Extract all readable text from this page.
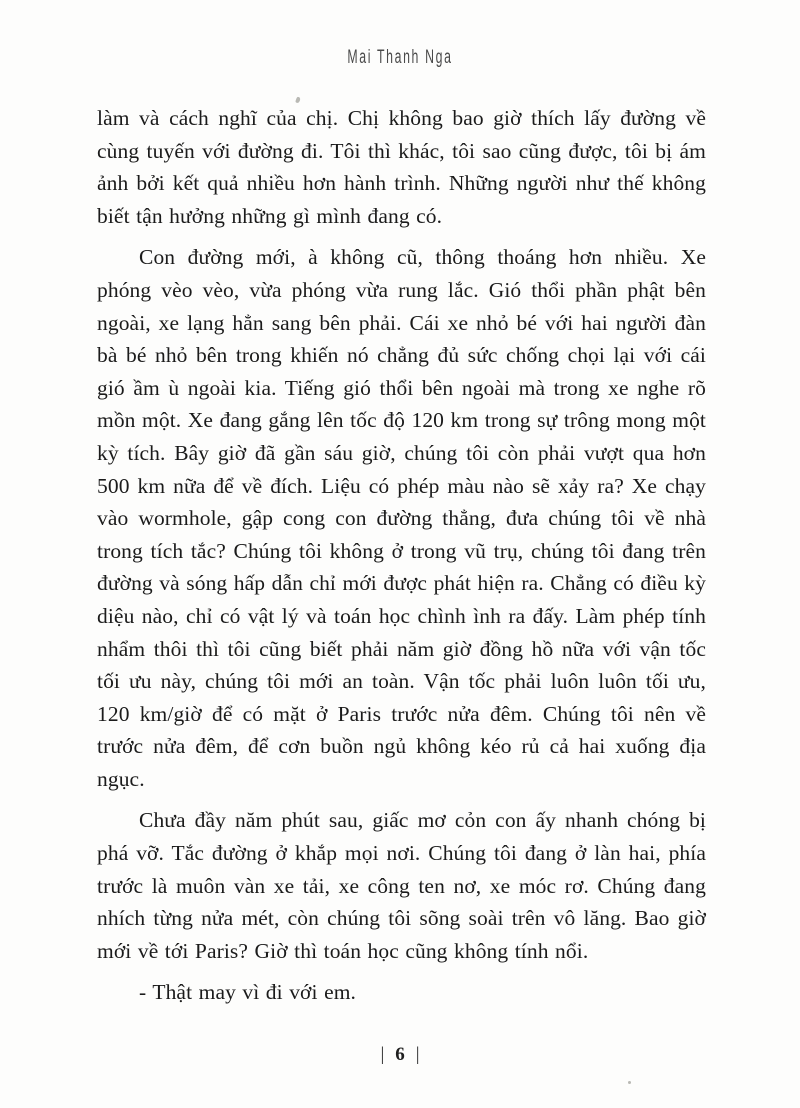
Mai Thanh Nga

làm và cách nghĩ của chị. Chị không bao giờ thích lấy đường về cùng tuyến với đường đi. Tôi thì khác, tôi sao cũng được, tôi bị ám ảnh bởi kết quả nhiều hơn hành trình. Những người như thế không biết tận hưởng những gì mình đang có.

Con đường mới, à không cũ, thông thoáng hơn nhiều. Xe phóng vèo vèo, vừa phóng vừa rung lắc. Gió thổi phần phật bên ngoài, xe lạng hẳn sang bên phải. Cái xe nhỏ bé với hai người đàn bà bé nhỏ bên trong khiến nó chẳng đủ sức chống chọi lại với cái gió ầm ù ngoài kia. Tiếng gió thổi bên ngoài mà trong xe nghe rõ mồn một. Xe đang gắng lên tốc độ 120 km trong sự trông mong một kỳ tích. Bây giờ đã gần sáu giờ, chúng tôi còn phải vượt qua hơn 500 km nữa để về đích. Liệu có phép màu nào sẽ xảy ra? Xe chạy vào wormhole, gập cong con đường thẳng, đưa chúng tôi về nhà trong tích tắc? Chúng tôi không ở trong vũ trụ, chúng tôi đang trên đường và sóng hấp dẫn chỉ mới được phát hiện ra. Chẳng có điều kỳ diệu nào, chỉ có vật lý và toán học chình ình ra đấy. Làm phép tính nhẩm thôi thì tôi cũng biết phải năm giờ đồng hồ nữa với vận tốc tối ưu này, chúng tôi mới an toàn. Vận tốc phải luôn luôn tối ưu, 120 km/giờ để có mặt ở Paris trước nửa đêm. Chúng tôi nên về trước nửa đêm, để cơn buồn ngủ không kéo rủ cả hai xuống địa ngục.

Chưa đầy năm phút sau, giấc mơ cỏn con ấy nhanh chóng bị phá vỡ. Tắc đường ở khắp mọi nơi. Chúng tôi đang ở làn hai, phía trước là muôn vàn xe tải, xe công ten nơ, xe móc rơ. Chúng đang nhích từng nửa mét, còn chúng tôi sõng soài trên vô lăng. Bao giờ mới về tới Paris? Giờ thì toán học cũng không tính nổi.

- Thật may vì đi với em.

| 6 |
